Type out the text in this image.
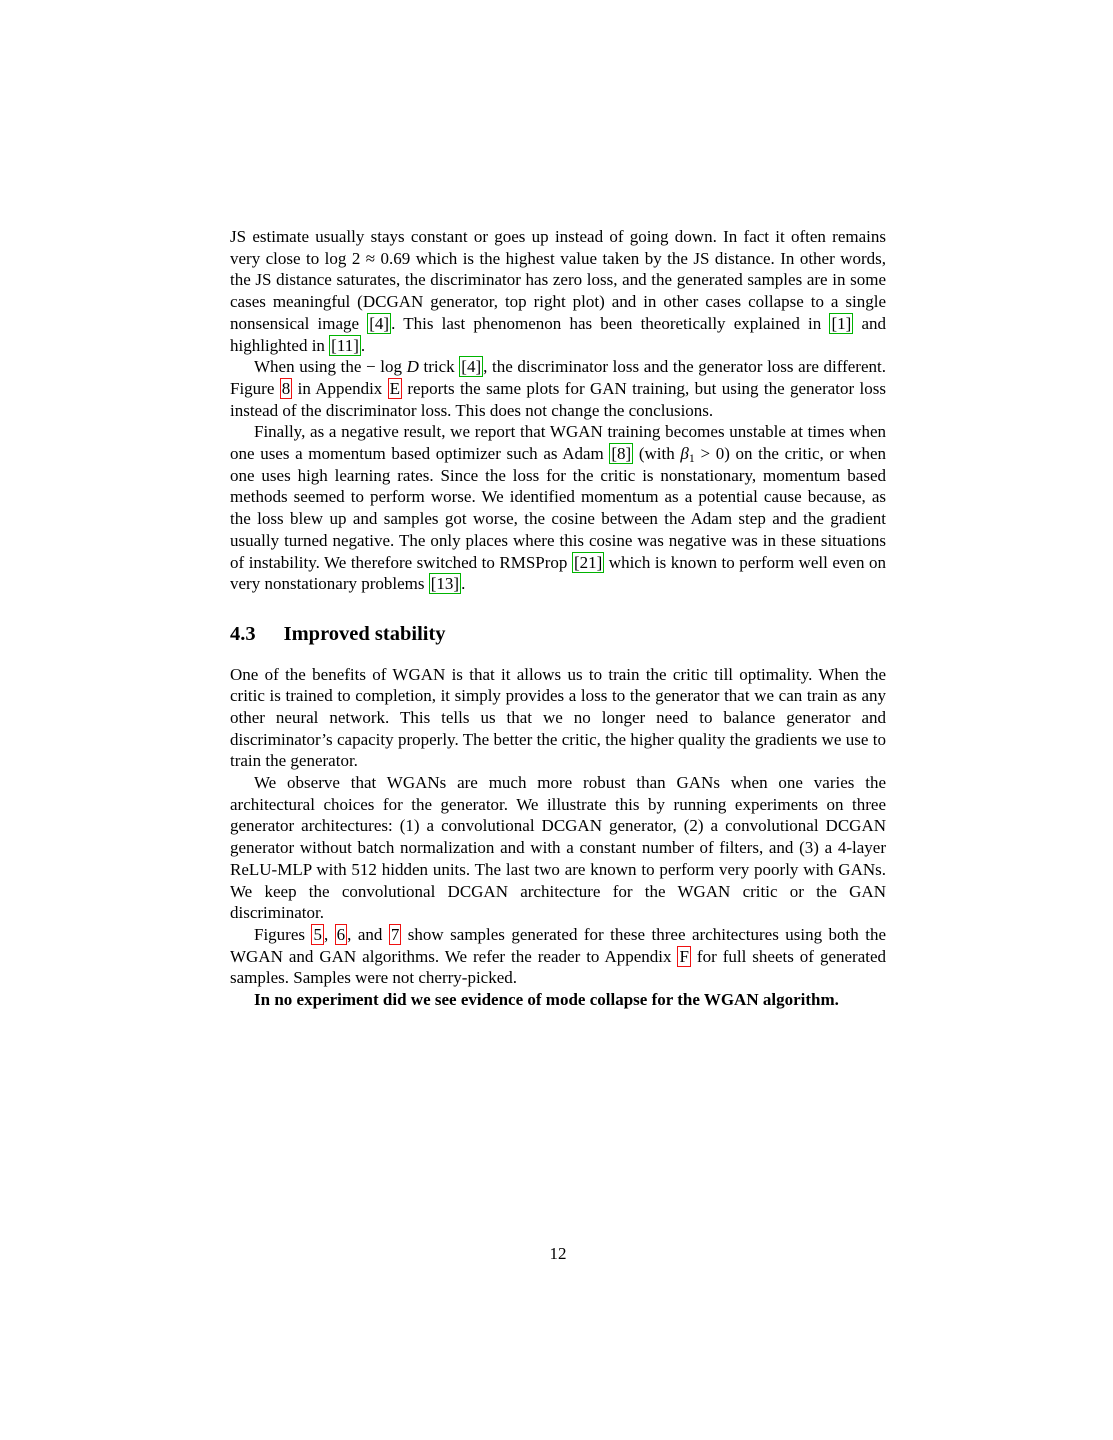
JS estimate usually stays constant or goes up instead of going down. In fact it often remains very close to log 2 ≈ 0.69 which is the highest value taken by the JS distance. In other words, the JS distance saturates, the discriminator has zero loss, and the generated samples are in some cases meaningful (DCGAN generator, top right plot) and in other cases collapse to a single nonsensical image [4] . This last phenomenon has been theoretically explained in [1] and highlighted in [11] .

When using the − log D trick [4] , the discriminator loss and the generator loss are different. Figure 8 in Appendix E reports the same plots for GAN training, but using the generator loss instead of the discriminator loss. This does not change the conclusions.

Finally, as a negative result, we report that WGAN training becomes unstable at times when one uses a momentum based optimizer such as Adam [8] (with β1 > 0) on the critic, or when one uses high learning rates. Since the loss for the critic is nonstationary, momentum based methods seemed to perform worse. We identified momentum as a potential cause because, as the loss blew up and samples got worse, the cosine between the Adam step and the gradient usually turned negative. The only places where this cosine was negative was in these situations of instability. We therefore switched to RMSProp [21] which is known to perform well even on very nonstationary problems [13] .

4.3 Improved stability

One of the benefits of WGAN is that it allows us to train the critic till optimality. When the critic is trained to completion, it simply provides a loss to the generator that we can train as any other neural network. This tells us that we no longer need to balance generator and discriminator’s capacity properly. The better the critic, the higher quality the gradients we use to train the generator.

We observe that WGANs are much more robust than GANs when one varies the architectural choices for the generator. We illustrate this by running experiments on three generator architectures: (1) a convolutional DCGAN generator, (2) a convolutional DCGAN generator without batch normalization and with a constant number of filters, and (3) a 4-layer ReLU-MLP with 512 hidden units. The last two are known to perform very poorly with GANs. We keep the convolutional DCGAN architecture for the WGAN critic or the GAN discriminator.

Figures 5 , 6 , and 7 show samples generated for these three architectures using both the WGAN and GAN algorithms. We refer the reader to Appendix F for full sheets of generated samples. Samples were not cherry-picked.

In no experiment did we see evidence of mode collapse for the WGAN algorithm.

12
